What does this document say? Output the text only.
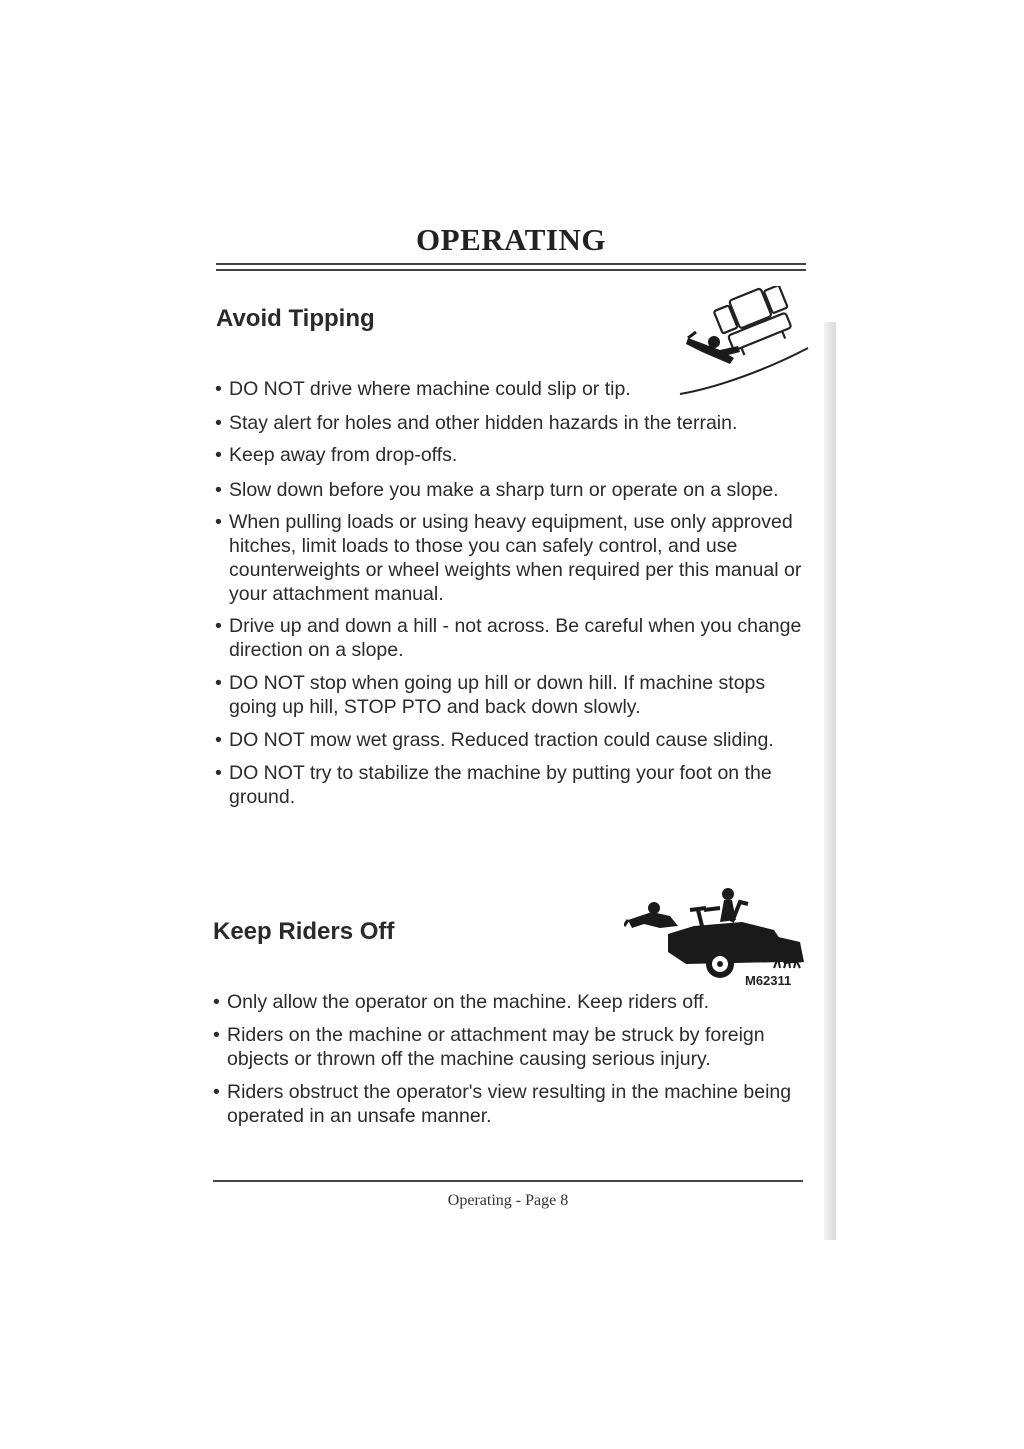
OPERATING
Avoid Tipping
• DO NOT drive where machine could slip or tip.
• Stay alert for holes and other hidden hazards in the terrain.
• Keep away from drop-offs.
• Slow down before you make a sharp turn or operate on a slope.
• When pulling loads or using heavy equipment, use only approved hitches, limit loads to those you can safely control, and use counterweights or wheel weights when required per this manual or your attachment manual.
• Drive up and down a hill - not across. Be careful when you change direction on a slope.
• DO NOT stop when going up hill or down hill. If machine stops going up hill, STOP PTO and back down slowly.
• DO NOT mow wet grass. Reduced traction could cause sliding.
• DO NOT try to stabilize the machine by putting your foot on the ground.
Keep Riders Off
M62311
• Only allow the operator on the machine. Keep riders off.
• Riders on the machine or attachment may be struck by foreign objects or thrown off the machine causing serious injury.
• Riders obstruct the operator's view resulting in the machine being operated in an unsafe manner.
Operating - Page 8
